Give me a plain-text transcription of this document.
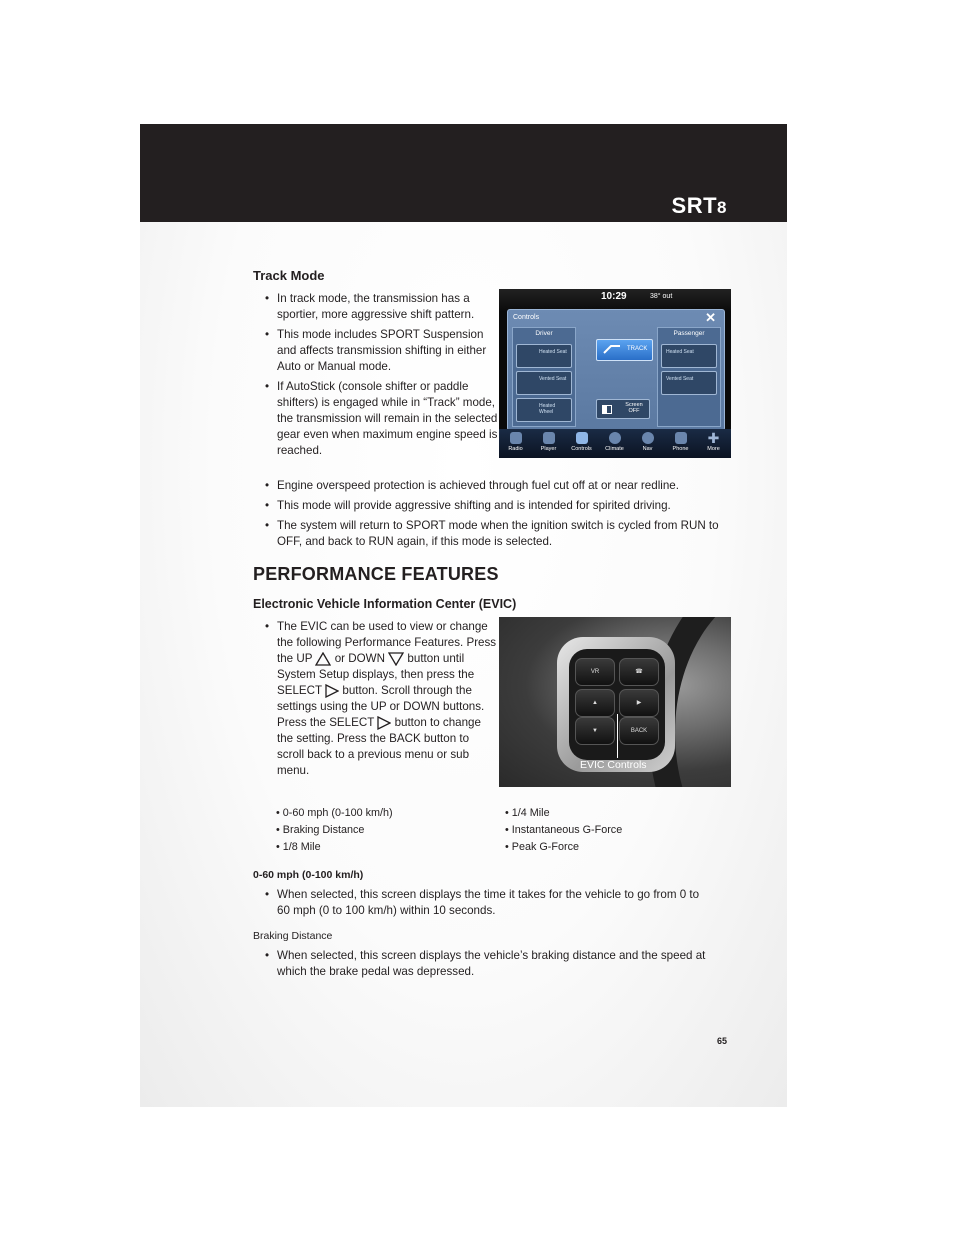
SRT8
Track Mode
• In track mode, the transmission has a sportier, more aggressive shift pattern.
• This mode includes SPORT Suspension and affects transmission shifting in either Auto or Manual mode.
• If AutoStick (console shifter or paddle shifters) is engaged while in “Track” mode, the transmission will remain in the selected gear even when maximum engine speed is reached.
10:29	38° out
Controls	✕
Driver
Heated Seat
Vented Seat
Heated Wheel
Passenger
Heated Seat
Vented Seat
TRACK
Screen OFF
Radio	Player	Controls	Climate	Nav	Phone
✚
More
• Engine overspeed protection is achieved through fuel cut off at or near redline.
• This mode will provide aggressive shifting and is intended for spirited driving.
• The system will return to SPORT mode when the ignition switch is cycled from RUN to OFF, and back to RUN again, if this mode is selected.
PERFORMANCE FEATURES
Electronic Vehicle Information Center (EVIC)
• The EVIC can be used to view or change the following Performance Features. Press the UP or DOWN button until System Setup displays, then press the SELECT button. Scroll through the settings using the UP or DOWN buttons. Press the SELECT button to change the setting. Press the BACK button to scroll back to a previous menu or sub menu.
VR	☎
▲	▶
▼	BACK
EVIC Controls
• 0-60 mph (0-100 km/h)
• Braking Distance
• 1/8 Mile
• 1/4 Mile
• Instantaneous G-Force
• Peak G-Force
0-60 mph (0-100 km/h)
• When selected, this screen displays the time it takes for the vehicle to go from 0 to 60 mph (0 to 100 km/h) within 10 seconds.
Braking Distance
• When selected, this screen displays the vehicle’s braking distance and the speed at which the brake pedal was depressed.
65
